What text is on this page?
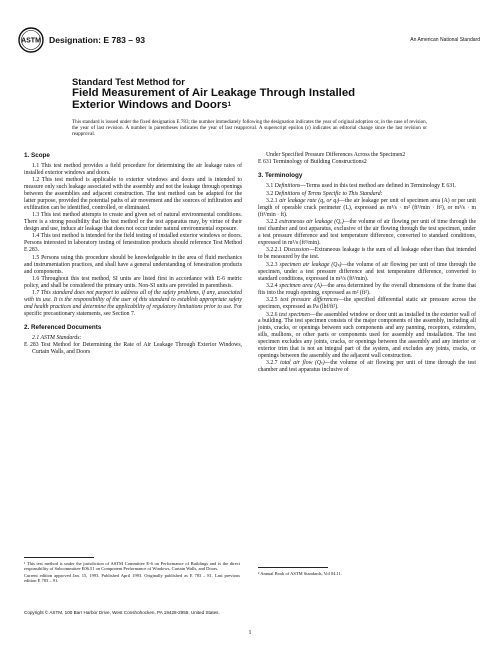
ASTM Designation: E 783 – 93	An American National Standard
Standard Test Method for
Field Measurement of Air Leakage Through Installed
Exterior Windows and Doors$^1$
This standard is issued under the fixed designation E 783; the number immediately following the designation indicates the year of original adoption or, in the case of revision, the year of last revision. A number in parentheses indicates the year of last reapproval. A superscript epsilon (ε) indicates an editorial change since the last revision or reapproval.
1. Scope

1.1 This test method provides a field procedure for determining the air leakage rates of installed exterior windows and doors.

1.2 This test method is applicable to exterior windows and doors and is intended to measure only such leakage associated with the assembly and not the leakage through openings between the assemblies and adjacent construction. The test method can be adapted for the latter purpose, provided the potential paths of air movement and the sources of infiltration and exfiltration can be identified, controlled, or eliminated.

1.3 This test method attempts to create and given set of natural environmental conditions. There is a strong possibility that the test method or the test apparatus may, by virtue of their design and use, induce air leakage that does not occur under natural environmental exposure.

1.4 This test method is intended for the field testing of installed exterior windows or doors. Persons interested in laboratory testing of fenestration products should reference Test Method E 283.

1.5 Persons using this procedure should be knowledgeable in the area of fluid mechanics and instrumentation practices, and shall have a general understanding of fenestration products and components.

1.6 Throughout this test method, SI units are listed first in accordance with E-6 metric policy, and shall be considered the primary units. Non-SI units are provided in parenthesis.

1.7 This standard does not purport to address all of the safety problems, if any, associated with its use. It is the responsibility of the user of this standard to establish appropriate safety and health practices and determine the applicability of regulatory limitations prior to use. For specific precautionary statements, see Section 7.

2. Referenced Documents

2.1 ASTM Standards:

E 283 Test Method for Determining the Rate of Air Leakage Through Exterior Windows, Curtain Walls, and Doors

Under Specified Pressure Differences Across the Specimen2

E 631 Terminology of Building Constructions2

3. Terminology

3.1 Definitions—Terms used in this test method are defined in Terminology E 631.

3.2 Definitions of Terms Specific to This Standard:

3.2.1 air leakage rate (qₐ or qₗ)—the air leakage per unit of specimen area (A) or per unit length of operable crack perimeter (L), expressed as m³/s · m² (ft³/min · ft²), or m³/s · m (ft³/min · ft).

3.2.2 extraneous air leakage (Qₑ)—the volume of air flowing per unit of time through the test chamber and test apparatus, exclusive of the air flowing through the test specimen, under a test pressure difference and test temperature difference, converted to standard conditions, expressed in m³/s (ft³/min).

3.2.2.1 Discussion—Extraneous leakage is the sum of all leakage other than that intended to be measured by the test.

3.2.3 specimen air leakage (Qₛ)—the volume of air flowing per unit of time through the specimen, under a test pressure difference and test temperature difference, converted to standard conditions, expressed in m³/s (ft³/min).

3.2.4 specimen area (A)—the area determined by the overall dimensions of the frame that fits into the rough opening, expressed as m² (ft²).

3.2.5 test pressure differences—the specified differential static air pressure across the specimen, expressed as Pa (lbf/ft²).

3.2.6 test specimen—the assembled window or door unit as installed in the exterior wall of a building. The test specimen consists of the major components of the assembly, including all joints, cracks, or openings between such components and any panning, receptors, extenders, sills, mullions, or other parts or components used for assembly and installation. The test specimen excludes any joints, cracks, or openings between the assembly and any interior or exterior trim that is not an integral part of the system, and excludes any joints, cracks, or openings between the assembly and the adjacent wall construction.

3.2.7 total air flow (Qₜ)—the volume of air flowing per unit of time through the test chamber and test apparatus inclusive of

¹ This test method is under the jurisdiction of ASTM Committee E-6 on Performance of Buildings and is the direct responsibility of Subcommittee E06.51 on Component Performance of Windows, Curtain Walls, and Doors.

Current edition approved Jan. 15, 1993. Published April 1993. Originally published as E 783 – 81. Last previous edition E 783 – 91.

² Annual Book of ASTM Standards, Vol 04.11.

Copyright © ASTM, 100 Barr Harbor Drive, West Conshohocken, PA 19428-2959, United States.
1
